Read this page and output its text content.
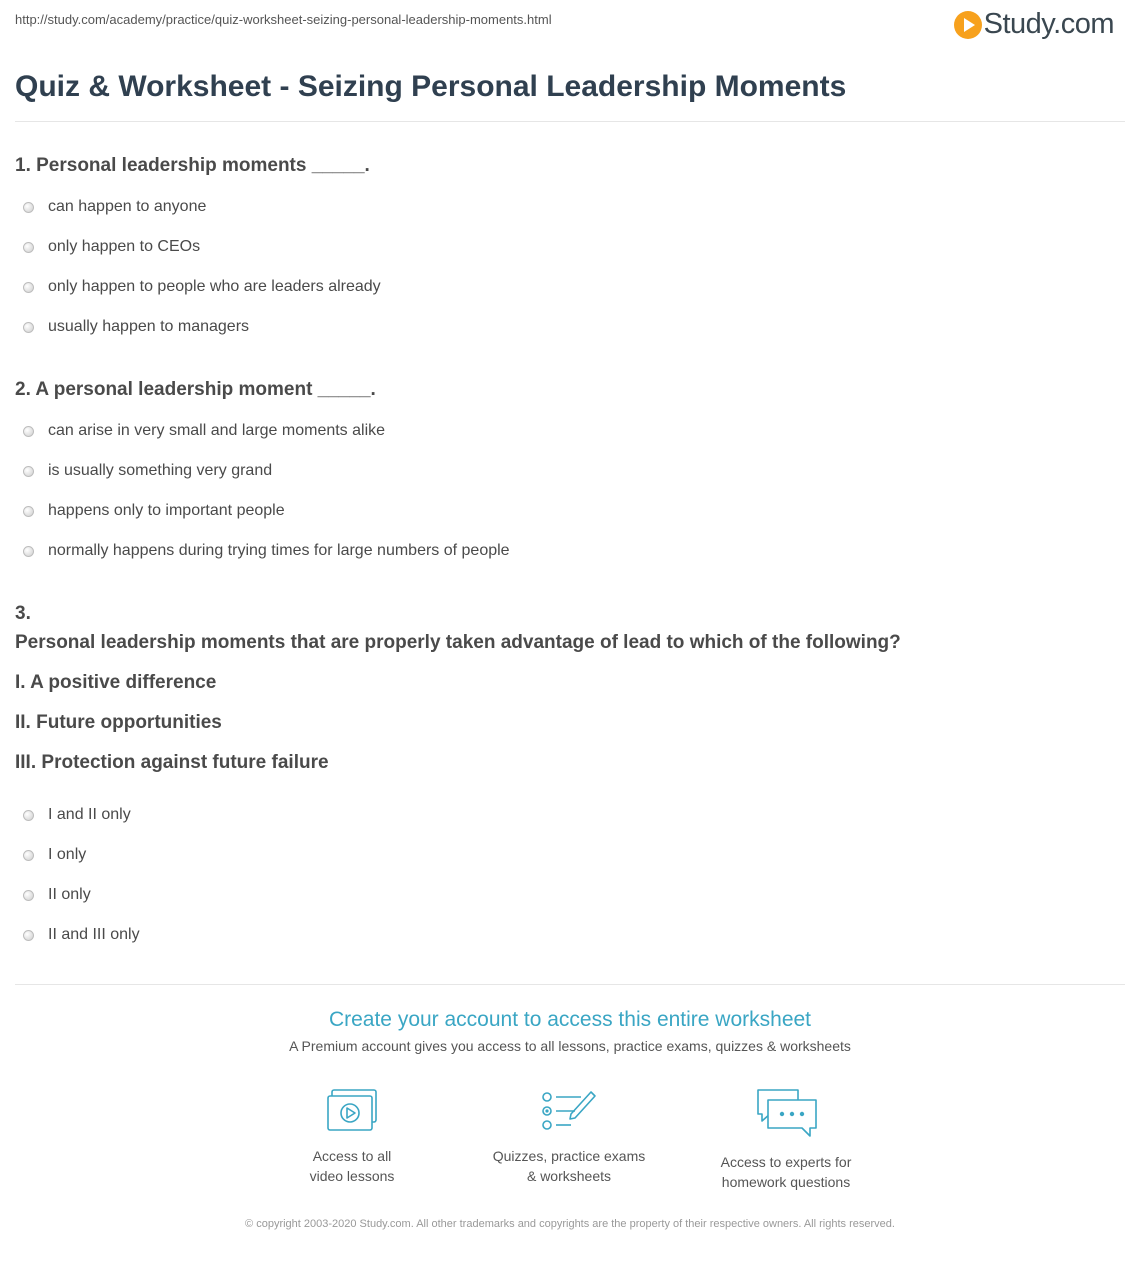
http://study.com/academy/practice/quiz-worksheet-seizing-personal-leadership-moments.html	Study.com
Quiz & Worksheet - Seizing Personal Leadership Moments
1. Personal leadership moments _____.
can happen to anyone
only happen to CEOs
only happen to people who are leaders already
usually happen to managers
2. A personal leadership moment _____.
can arise in very small and large moments alike
is usually something very grand
happens only to important people
normally happens during trying times for large numbers of people
3.
Personal leadership moments that are properly taken advantage of lead to which of the following?
I. A positive difference
II. Future opportunities
III. Protection against future failure
I and II only
I only
II only
II and III only
Create your account to access this entire worksheet
A Premium account gives you access to all lessons, practice exams, quizzes & worksheets
Access to all
video lessons
Quizzes, practice exams
& worksheets
Access to experts for
homework questions
© copyright 2003-2020 Study.com. All other trademarks and copyrights are the property of their respective owners. All rights reserved.
